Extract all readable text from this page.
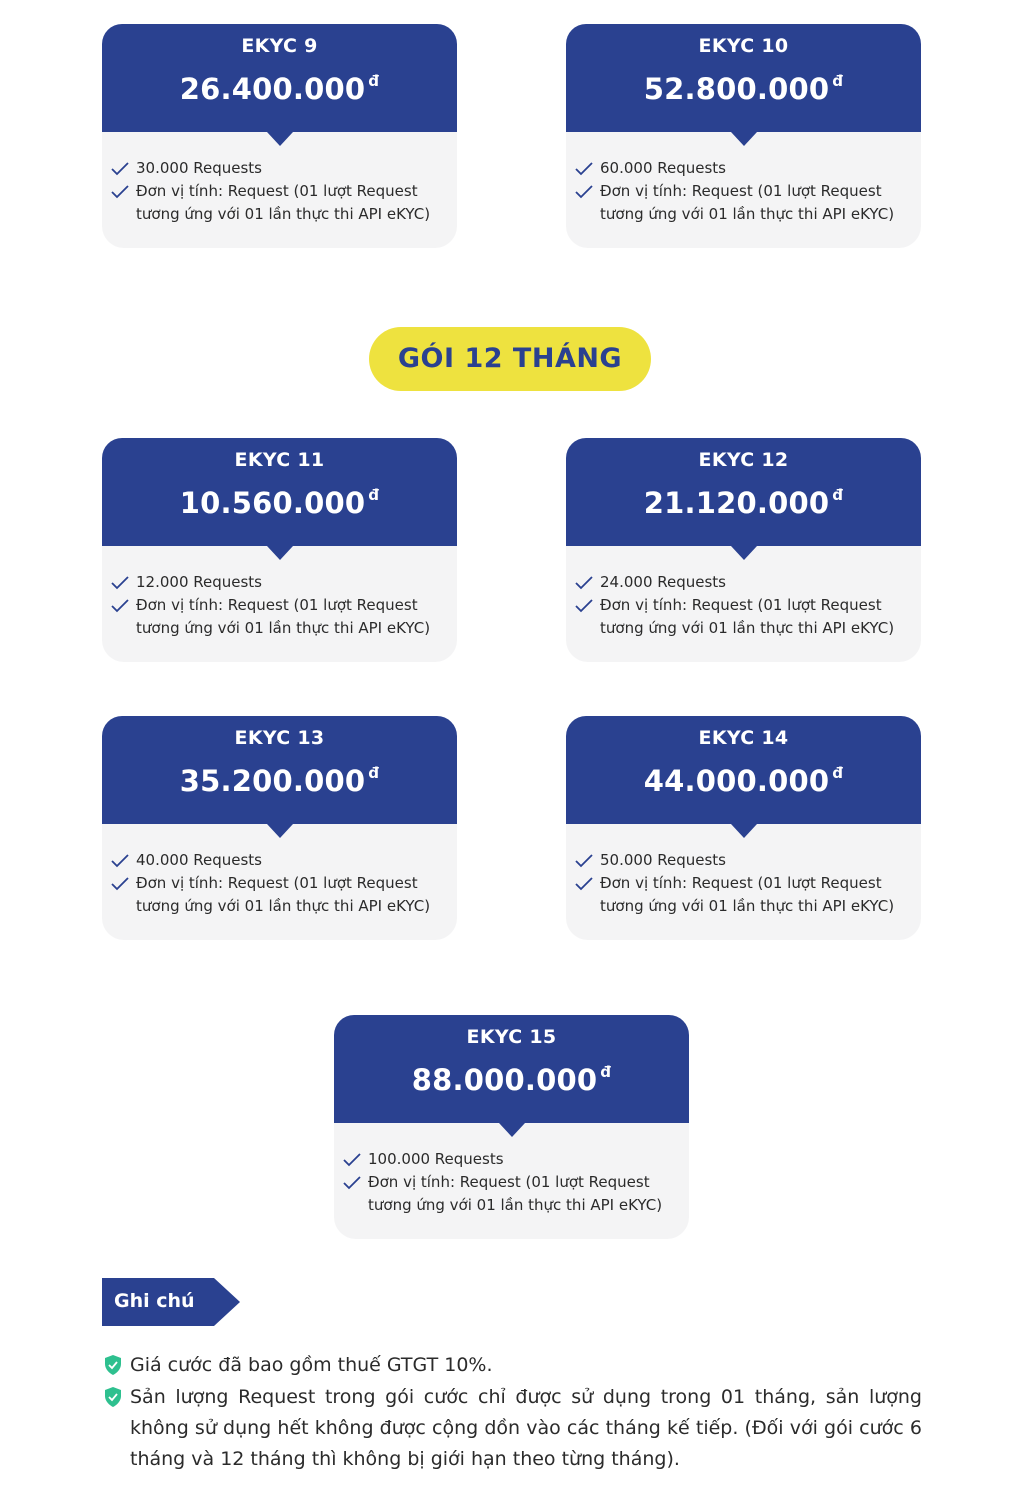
EKYC 9
26.400.000 $^đ$
30.000 Requests
Đơn vị tính: Request (01 lượt Request tương ứng với 01 lần thực thi API eKYC)
EKYC 10
52.800.000 $^đ$
60.000 Requests
Đơn vị tính: Request (01 lượt Request tương ứng với 01 lần thực thi API eKYC)
GÓI 12 THÁNG
EKYC 11
10.560.000 $^đ$
12.000 Requests
Đơn vị tính: Request (01 lượt Request tương ứng với 01 lần thực thi API eKYC)
EKYC 12
21.120.000 $^đ$
24.000 Requests
Đơn vị tính: Request (01 lượt Request tương ứng với 01 lần thực thi API eKYC)
EKYC 13
35.200.000 $^đ$
40.000 Requests
Đơn vị tính: Request (01 lượt Request tương ứng với 01 lần thực thi API eKYC)
EKYC 14
44.000.000 $^đ$
50.000 Requests
Đơn vị tính: Request (01 lượt Request tương ứng với 01 lần thực thi API eKYC)
EKYC 15
88.000.000 $^đ$
100.000 Requests
Đơn vị tính: Request (01 lượt Request tương ứng với 01 lần thực thi API eKYC)
Ghi chú
Giá cước đã bao gồm thuế GTGT 10%.
Sản lượng Request trong gói cước chỉ được sử dụng trong 01 tháng, sản lượng không sử dụng hết không được cộng dồn vào các tháng kế tiếp. (Đối với gói cước 6 tháng và 12 tháng thì không bị giới hạn theo từng tháng).
